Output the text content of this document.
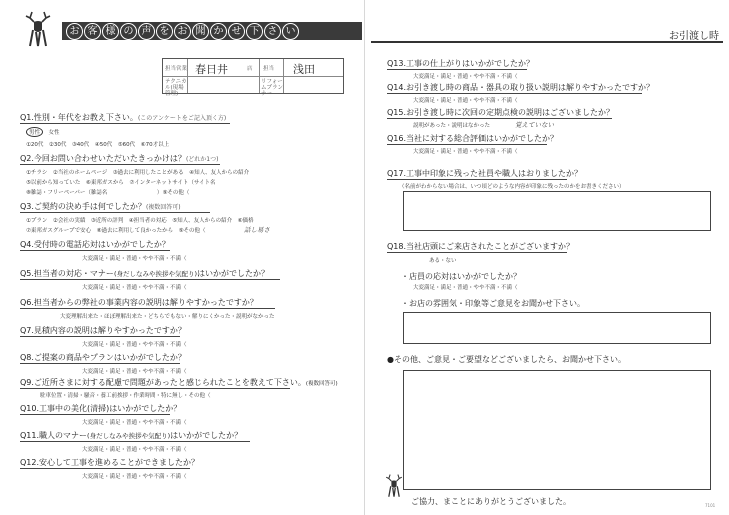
お 客 様 の 声 を お 聞 か せ 下 さ い
担当営業 春日井	店 担当 浅田
テクニカル(現場管理)
リフォームプランナー
Q1.性別・年代をお教え下さい。(このアンケートをご記入頂く方)
男性　 女性
①20代　②30代　③40代　④50代　⑤60代　⑥70才以上
Q2.今回お問い合わせいただいたきっかけは？(どれか1つ)
①チラシ　②当社のホームページ　③過去に利用したことがある　④知人、友人からの紹介
⑤以前から知っていた　⑥東邦ガスから　⑦インターネットサイト（サイト名
⑧雑誌・フリーペーパー（雑誌名　　　　　　　　　）⑨その他（
Q3.ご契約の決め手は何でしたか？(複数回答可)
①プラン　②会社の実績　③近所の評判　④担当者の対応　⑤知人、友人からの紹介　⑥価格
⑦東邦ガスグループで安心　⑧過去に利用して良かったから　⑨その他（	話し易さ
Q4.受付時の電話応対はいかがでしたか？
大変満足・満足・普通・やや不満・不満（
Q5.担当者の対応・マナー(身だしなみや挨拶や気配り)はいかがでしたか？
大変満足・満足・普通・やや不満・不満（
Q6.担当者からの弊社の事業内容の説明は解りやすかったですか？
大変理解出来た・ほぼ理解出来た・どちらでもない・解りにくかった・説明がなかった
Q7.見積内容の説明は解りやすかったですか？
大変満足・満足・普通・やや不満・不満（
Q8.ご提案の商品やプランはいかがでしたか？
大変満足・満足・普通・やや不満・不満（
Q9.ご近所さまに対する配慮で問題があったと感じられたことを教えて下さい。(複数回答可)
駐車位置・清掃・騒音・養工前挨拶・作業時間・特に無し・その他（
Q10.工事中の美化(清掃)はいかがでしたか？
大変満足・満足・普通・やや不満・不満（
Q11.職人のマナー(身だしなみや挨拶や気配り)はいかがでしたか？
大変満足・満足・普通・やや不満・不満（
Q12.安心して工事を進めることができましたか？
大変満足・満足・普通・やや不満・不満（
お引渡し時
Q13.工事の仕上がりはいかがでしたか？
大変満足・満足・普通・やや不満・不満（
Q14.お引き渡し時の商品・器具の取り扱い説明は解りやすかったですか？
大変満足・満足・普通・やや不満・不満（
Q15.お引き渡し時に次回の定期点検の説明はございましたか？
説明があった・説明はなかった	覚えていない
Q16.当社に対する総合評価はいかがでしたか？
大変満足・満足・普通・やや不満・不満（
Q17.工事中印象に残った社員や職人はおりましたか？
（名前がわからない場合は、いつ頃どのような内容が印象に残ったのかをお書きください）
Q18.当社店頭にご来店されたことがございますか？
ある・ない
・店員の応対はいかがでしたか？
大変満足・満足・普通・やや不満・不満（
・お店の雰囲気・印象等ご意見をお聞かせ下さい。
●その他、ご意見・ご要望などございましたら、お聞かせ下さい。
ご協力、まことにありがとうございました。	7101
